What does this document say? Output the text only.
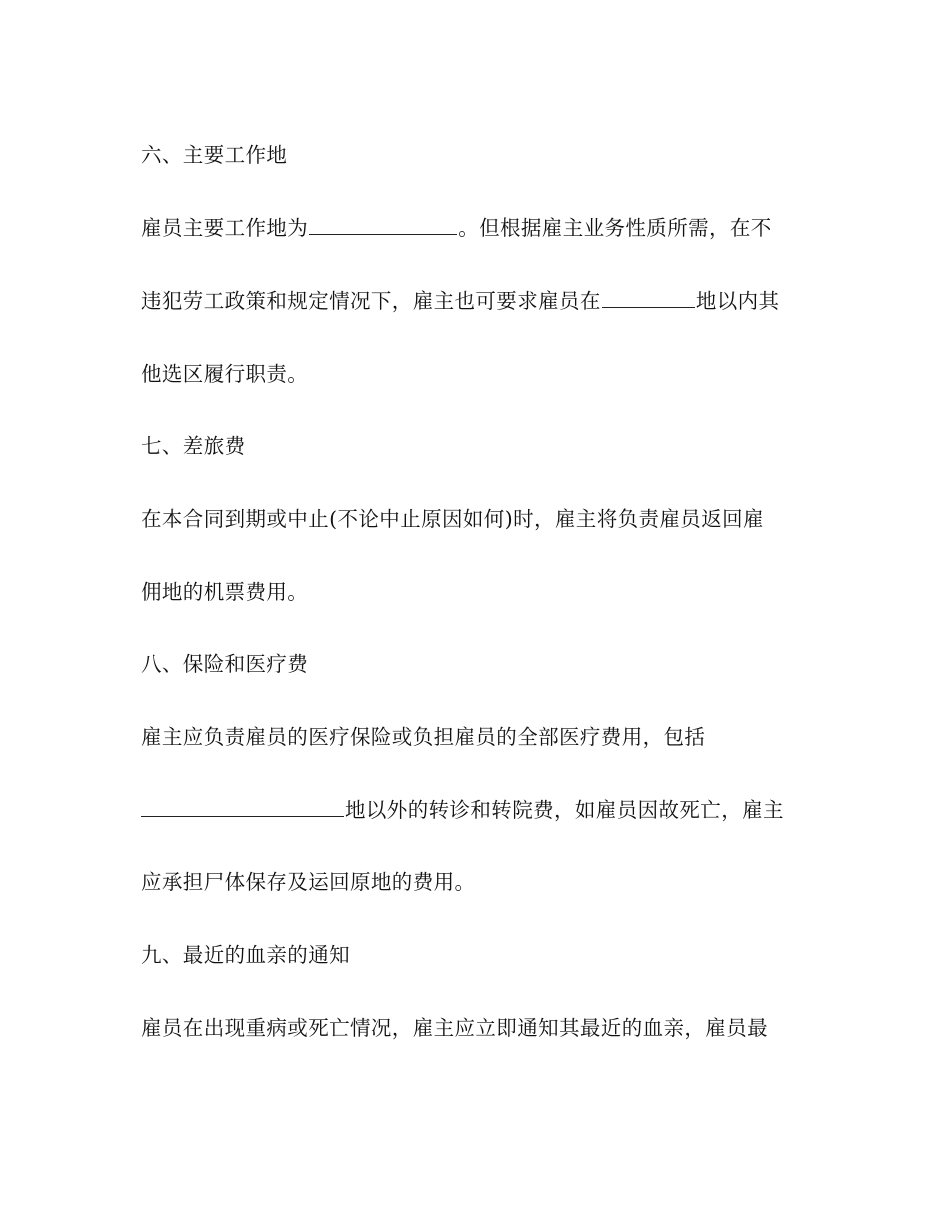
六、主要工作地
雇员主要工作地为	。但根据雇主业务性质所需，在不
违犯劳工政策和规定情况下，雇主也可要求雇员在	地以内其
他选区履行职责。
七、差旅费
在本合同到期或中止(不论中止原因如何)时，雇主将负责雇员返回雇
佣地的机票费用。
八、保险和医疗费
雇主应负责雇员的医疗保险或负担雇员的全部医疗费用，包括
地以外的转诊和转院费，如雇员因故死亡，雇主
应承担尸体保存及运回原地的费用。
九、最近的血亲的通知
雇员在出现重病或死亡情况，雇主应立即通知其最近的血亲，雇员最
